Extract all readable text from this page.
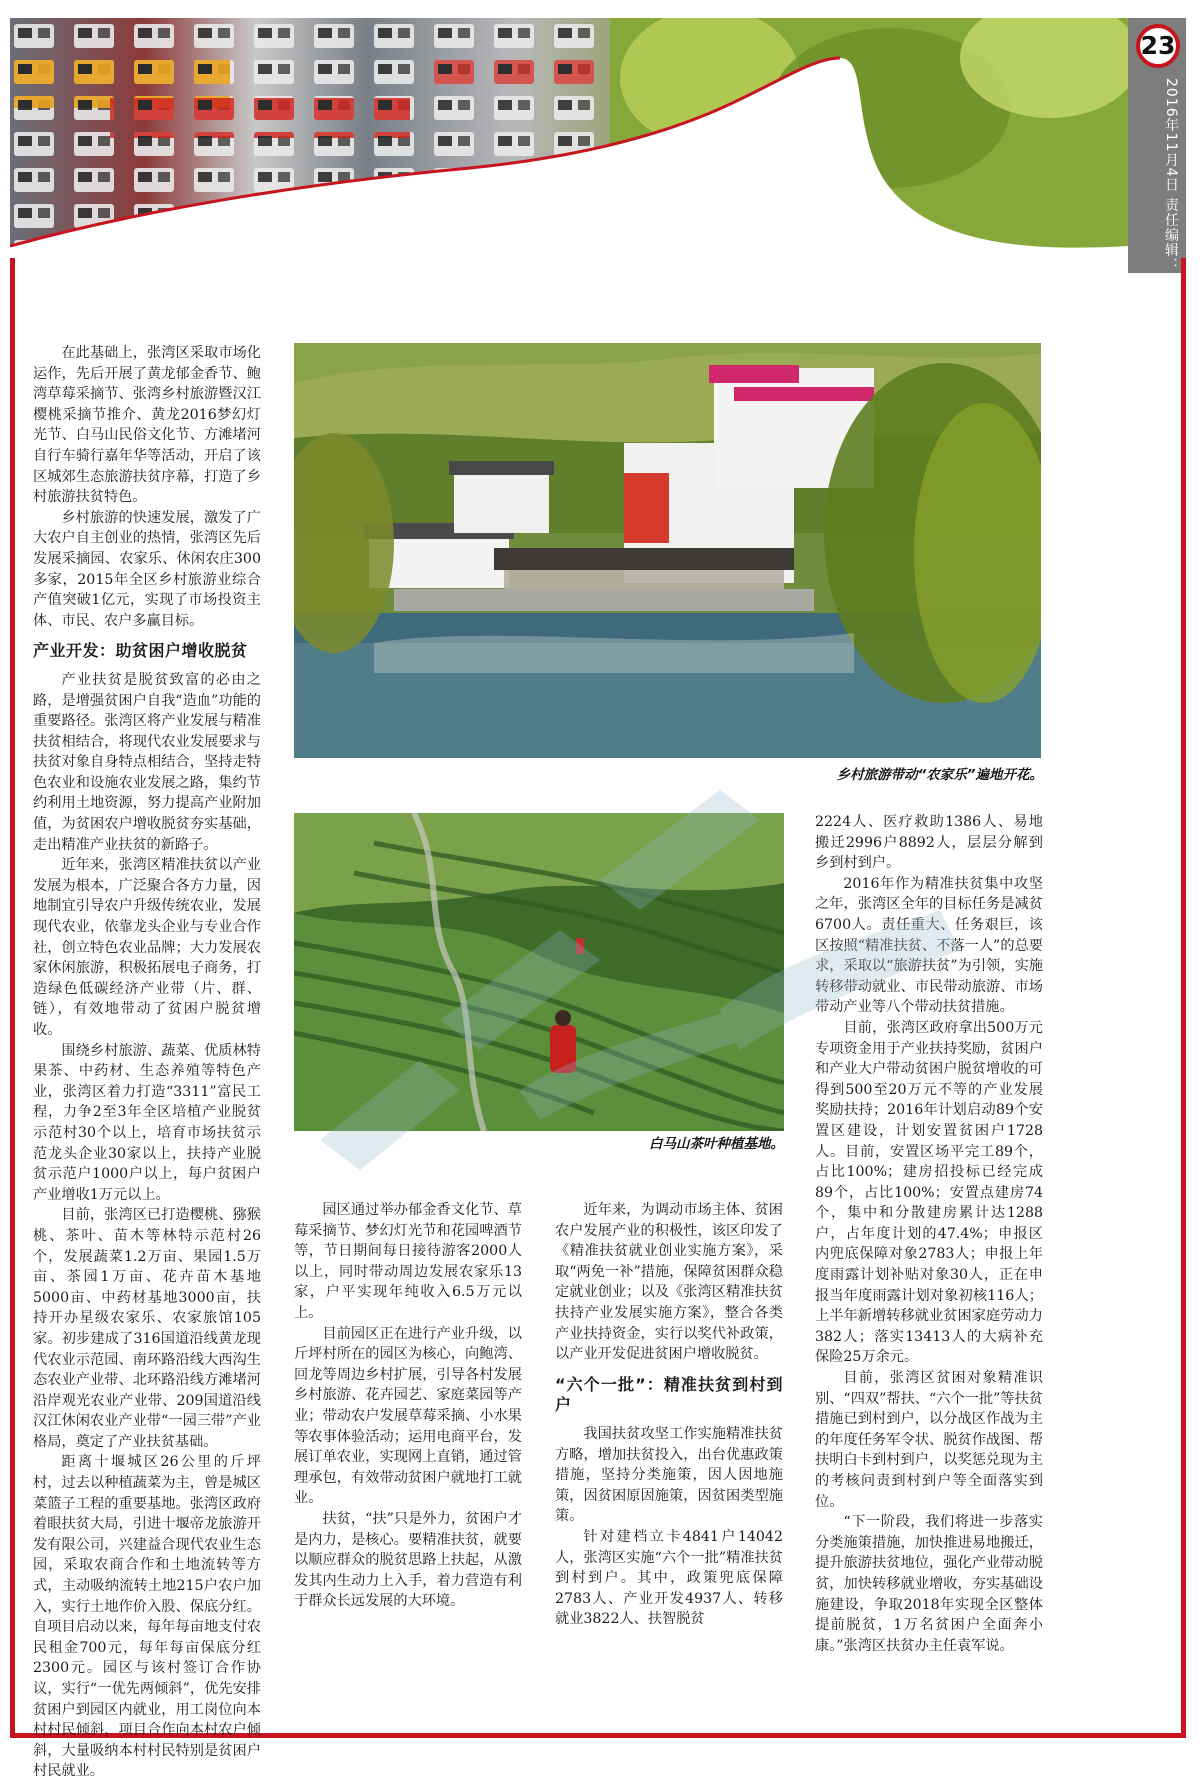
23
2016年11月4日 责任编辑：夏维军

在此基础上，张湾区采取市场化运作，先后开展了黄龙郁金香节、鲍湾草莓采摘节、张湾乡村旅游暨汉江樱桃采摘节推介、黄龙2016梦幻灯光节、白马山民俗文化节、方滩堵河自行车骑行嘉年华等活动，开启了该区城郊生态旅游扶贫序幕，打造了乡村旅游扶贫特色。

乡村旅游的快速发展，激发了广大农户自主创业的热情，张湾区先后发展采摘园、农家乐、休闲农庄300多家，2015年全区乡村旅游业综合产值突破1亿元，实现了市场投资主体、市民、农户多赢目标。

产业开发：助贫困户增收脱贫

产业扶贫是脱贫致富的必由之路，是增强贫困户自我“造血”功能的重要路径。张湾区将产业发展与精准扶贫相结合，将现代农业发展要求与扶贫对象自身特点相结合，坚持走特色农业和设施农业发展之路，集约节约利用土地资源，努力提高产业附加值，为贫困农户增收脱贫夯实基础，走出精准产业扶贫的新路子。

近年来，张湾区精准扶贫以产业发展为根本，广泛聚合各方力量，因地制宜引导农户升级传统农业，发展现代农业，依靠龙头企业与专业合作社，创立特色农业品牌；大力发展农家休闲旅游，积极拓展电子商务，打造绿色低碳经济产业带（片、群、链），有效地带动了贫困户脱贫增收。

围绕乡村旅游、蔬菜、优质林特果茶、中药材、生态养殖等特色产业，张湾区着力打造“3311”富民工程，力争2至3年全区培植产业脱贫示范村30个以上，培育市场扶贫示范龙头企业30家以上，扶持产业脱贫示范户1000户以上，每户贫困户产业增收1万元以上。

目前，张湾区已打造樱桃、猕猴桃、茶叶、苗木等林特示范村26个，发展蔬菜1.2万亩、果园1.5万亩、茶园1万亩、花卉苗木基地5000亩、中药材基地3000亩，扶持开办星级农家乐、农家旅馆105家。初步建成了316国道沿线黄龙现代农业示范园、南环路沿线大西沟生态农业产业带、北环路沿线方滩堵河沿岸观光农业产业带、209国道沿线汉江休闲农业产业带“一园三带”产业格局，奠定了产业扶贫基础。

距离十堰城区26公里的斤坪村，过去以种植蔬菜为主，曾是城区菜篮子工程的重要基地。张湾区政府着眼扶贫大局，引进十堰帝龙旅游开发有限公司，兴建益合现代农业生态园，采取农商合作和土地流转等方式，主动吸纳流转土地215户农户加入，实行土地作价入股、保底分红。自项目启动以来，每年每亩地支付农民租金700元，每年每亩保底分红2300元。园区与该村签订合作协议，实行“一优先两倾斜”，优先安排贫困户到园区内就业，用工岗位向本村村民倾斜，项目合作向本村农户倾斜，大量吸纳本村村民特别是贫困户村民就业。

乡村旅游带动“农家乐”遍地开花。
白马山茶叶种植基地。

园区通过举办郁金香文化节、草莓采摘节、梦幻灯光节和花园啤酒节等，节日期间每日接待游客2000人以上，同时带动周边发展农家乐13家，户平实现年纯收入6.5万元以上。

目前园区正在进行产业升级，以斤坪村所在的园区为核心，向鲍湾、回龙等周边乡村扩展，引导各村发展乡村旅游、花卉园艺、家庭菜园等产业；带动农户发展草莓采摘、小水果等农事体验活动；运用电商平台，发展订单农业，实现网上直销，通过管理承包，有效带动贫困户就地打工就业。

扶贫，“扶”只是外力，贫困户才是内力，是核心。要精准扶贫，就要以顺应群众的脱贫思路上扶起，从激发其内生动力上入手，着力营造有利于群众长远发展的大环境。

近年来，为调动市场主体、贫困农户发展产业的积极性，该区印发了《精准扶贫就业创业实施方案》，采取“两免一补”措施，保障贫困群众稳定就业创业；以及《张湾区精准扶贫扶持产业发展实施方案》，整合各类产业扶持资金，实行以奖代补政策，以产业开发促进贫困户增收脱贫。

“六个一批”：精准扶贫到村到户

我国扶贫攻坚工作实施精准扶贫方略，增加扶贫投入，出台优惠政策措施，坚持分类施策，因人因地施策，因贫困原因施策，因贫困类型施策。

针对建档立卡4841户14042人，张湾区实施“六个一批”精准扶贫到村到户。其中，政策兜底保障2783人、产业开发4937人、转移就业3822人、扶智脱贫

2224人、医疗救助1386人、易地搬迁2996户8892人，层层分解到乡到村到户。

2016年作为精准扶贫集中攻坚之年，张湾区全年的目标任务是减贫6700人。责任重大、任务艰巨，该区按照“精准扶贫、不落一人”的总要求，采取以“旅游扶贫”为引领，实施转移带动就业、市民带动旅游、市场带动产业等八个带动扶贫措施。

目前，张湾区政府拿出500万元专项资金用于产业扶持奖励，贫困户和产业大户带动贫困户脱贫增收的可得到500至20万元不等的产业发展奖励扶持；2016年计划启动89个安置区建设，计划安置贫困户1728人。目前，安置区场平完工89个，占比100%；建房招投标已经完成89个，占比100%；安置点建房74个，集中和分散建房累计达1288户，占年度计划的47.4%；申报区内兜底保障对象2783人；申报上年度雨露计划补贴对象30人，正在申报当年度雨露计划对象初核116人；上半年新增转移就业贫困家庭劳动力382人；落实13413人的大病补充保险25万余元。

目前，张湾区贫困对象精准识别、“四双”帮扶、“六个一批”等扶贫措施已到村到户，以分战区作战为主的年度任务军令状、脱贫作战图、帮扶明白卡到村到户，以奖惩兑现为主的考核问责到村到户等全面落实到位。

“下一阶段，我们将进一步落实分类施策措施，加快推进易地搬迁，提升旅游扶贫地位，强化产业带动脱贫，加快转移就业增收，夯实基础设施建设，争取2018年实现全区整体提前脱贫，1万名贫困户全面奔小康。”张湾区扶贫办主任袁军说。
